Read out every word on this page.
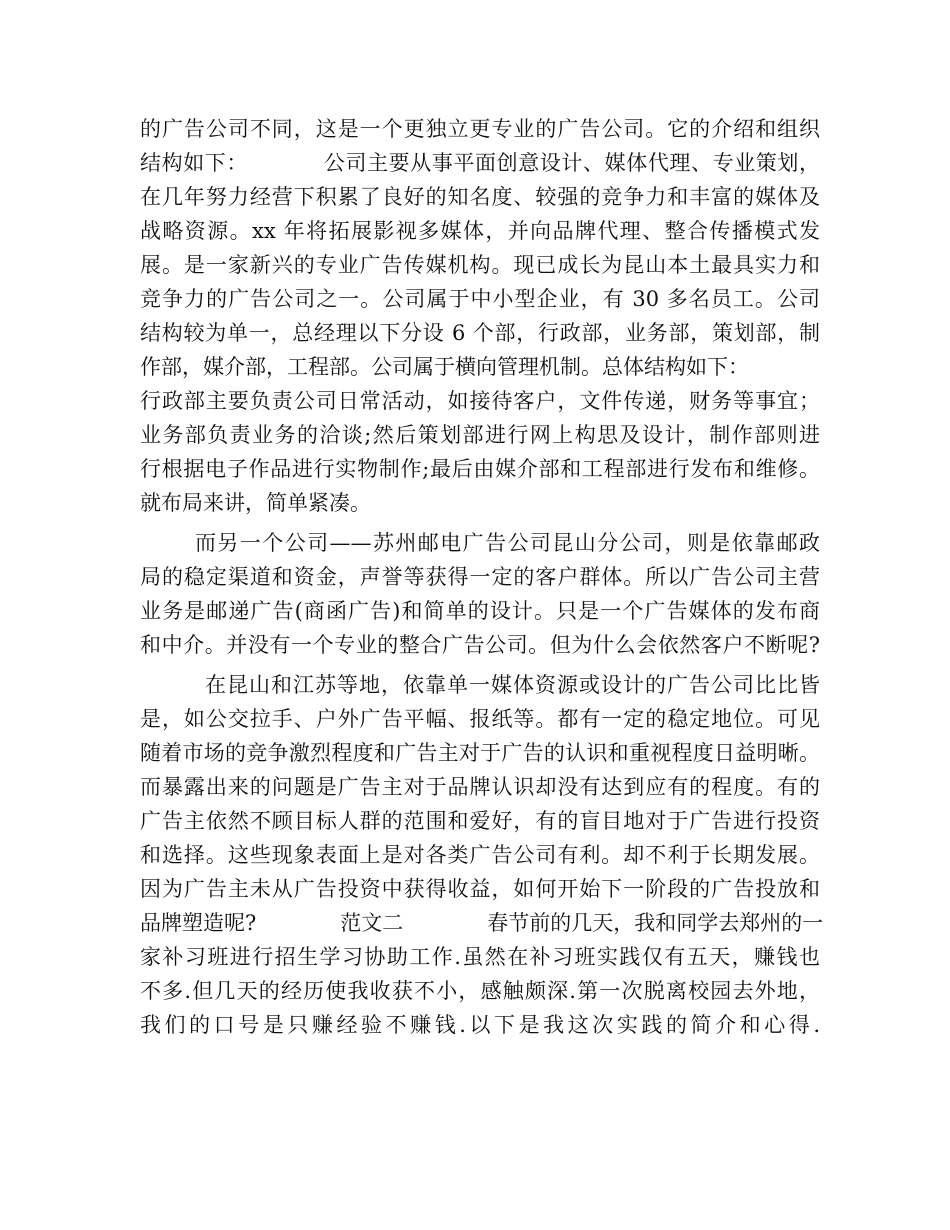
的广告公司不同，这是一个更独立更专业的广告公司。它的介绍和组织
结构如下：　　　　公司主要从事平面创意设计、媒体代理、专业策划，
在几年努力经营下积累了良好的知名度、较强的竞争力和丰富的媒体及
战略资源。xx 年将拓展影视多媒体，并向品牌代理、整合传播模式发
展。是一家新兴的专业广告传媒机构。现已成长为昆山本土最具实力和
竞争力的广告公司之一。公司属于中小型企业，有 30 多名员工。公司
结构较为单一，总经理以下分设 6 个部，行政部，业务部，策划部，制
作部，媒介部，工程部。公司属于横向管理机制。总体结构如下：
行政部主要负责公司日常活动，如接待客户，文件传递，财务等事宜；
业务部负责业务的洽谈;然后策划部进行网上构思及设计，制作部则进
行根据电子作品进行实物制作;最后由媒介部和工程部进行发布和维修。
就布局来讲，简单紧凑。
而另一个公司——苏州邮电广告公司昆山分公司，则是依靠邮政
局的稳定渠道和资金，声誉等获得一定的客户群体。所以广告公司主营
业务是邮递广告(商函广告)和简单的设计。只是一个广告媒体的发布商
和中介。并没有一个专业的整合广告公司。但为什么会依然客户不断呢?
在昆山和江苏等地，依靠单一媒体资源或设计的广告公司比比皆
是，如公交拉手、户外广告平幅、报纸等。都有一定的稳定地位。可见
随着市场的竞争激烈程度和广告主对于广告的认识和重视程度日益明晰。
而暴露出来的问题是广告主对于品牌认识却没有达到应有的程度。有的
广告主依然不顾目标人群的范围和爱好，有的盲目地对于广告进行投资
和选择。这些现象表面上是对各类广告公司有利。却不利于长期发展。
因为广告主未从广告投资中获得收益，如何开始下一阶段的广告投放和
品牌塑造呢?　　　　范文二　　　　春节前的几天，我和同学去郑州的一
家补习班进行招生学习协助工作.虽然在补习班实践仅有五天，赚钱也
不多.但几天的经历使我收获不小，感触颇深.第一次脱离校园去外地，
我们的口号是只赚经验不赚钱.以下是我这次实践的简介和心得.
